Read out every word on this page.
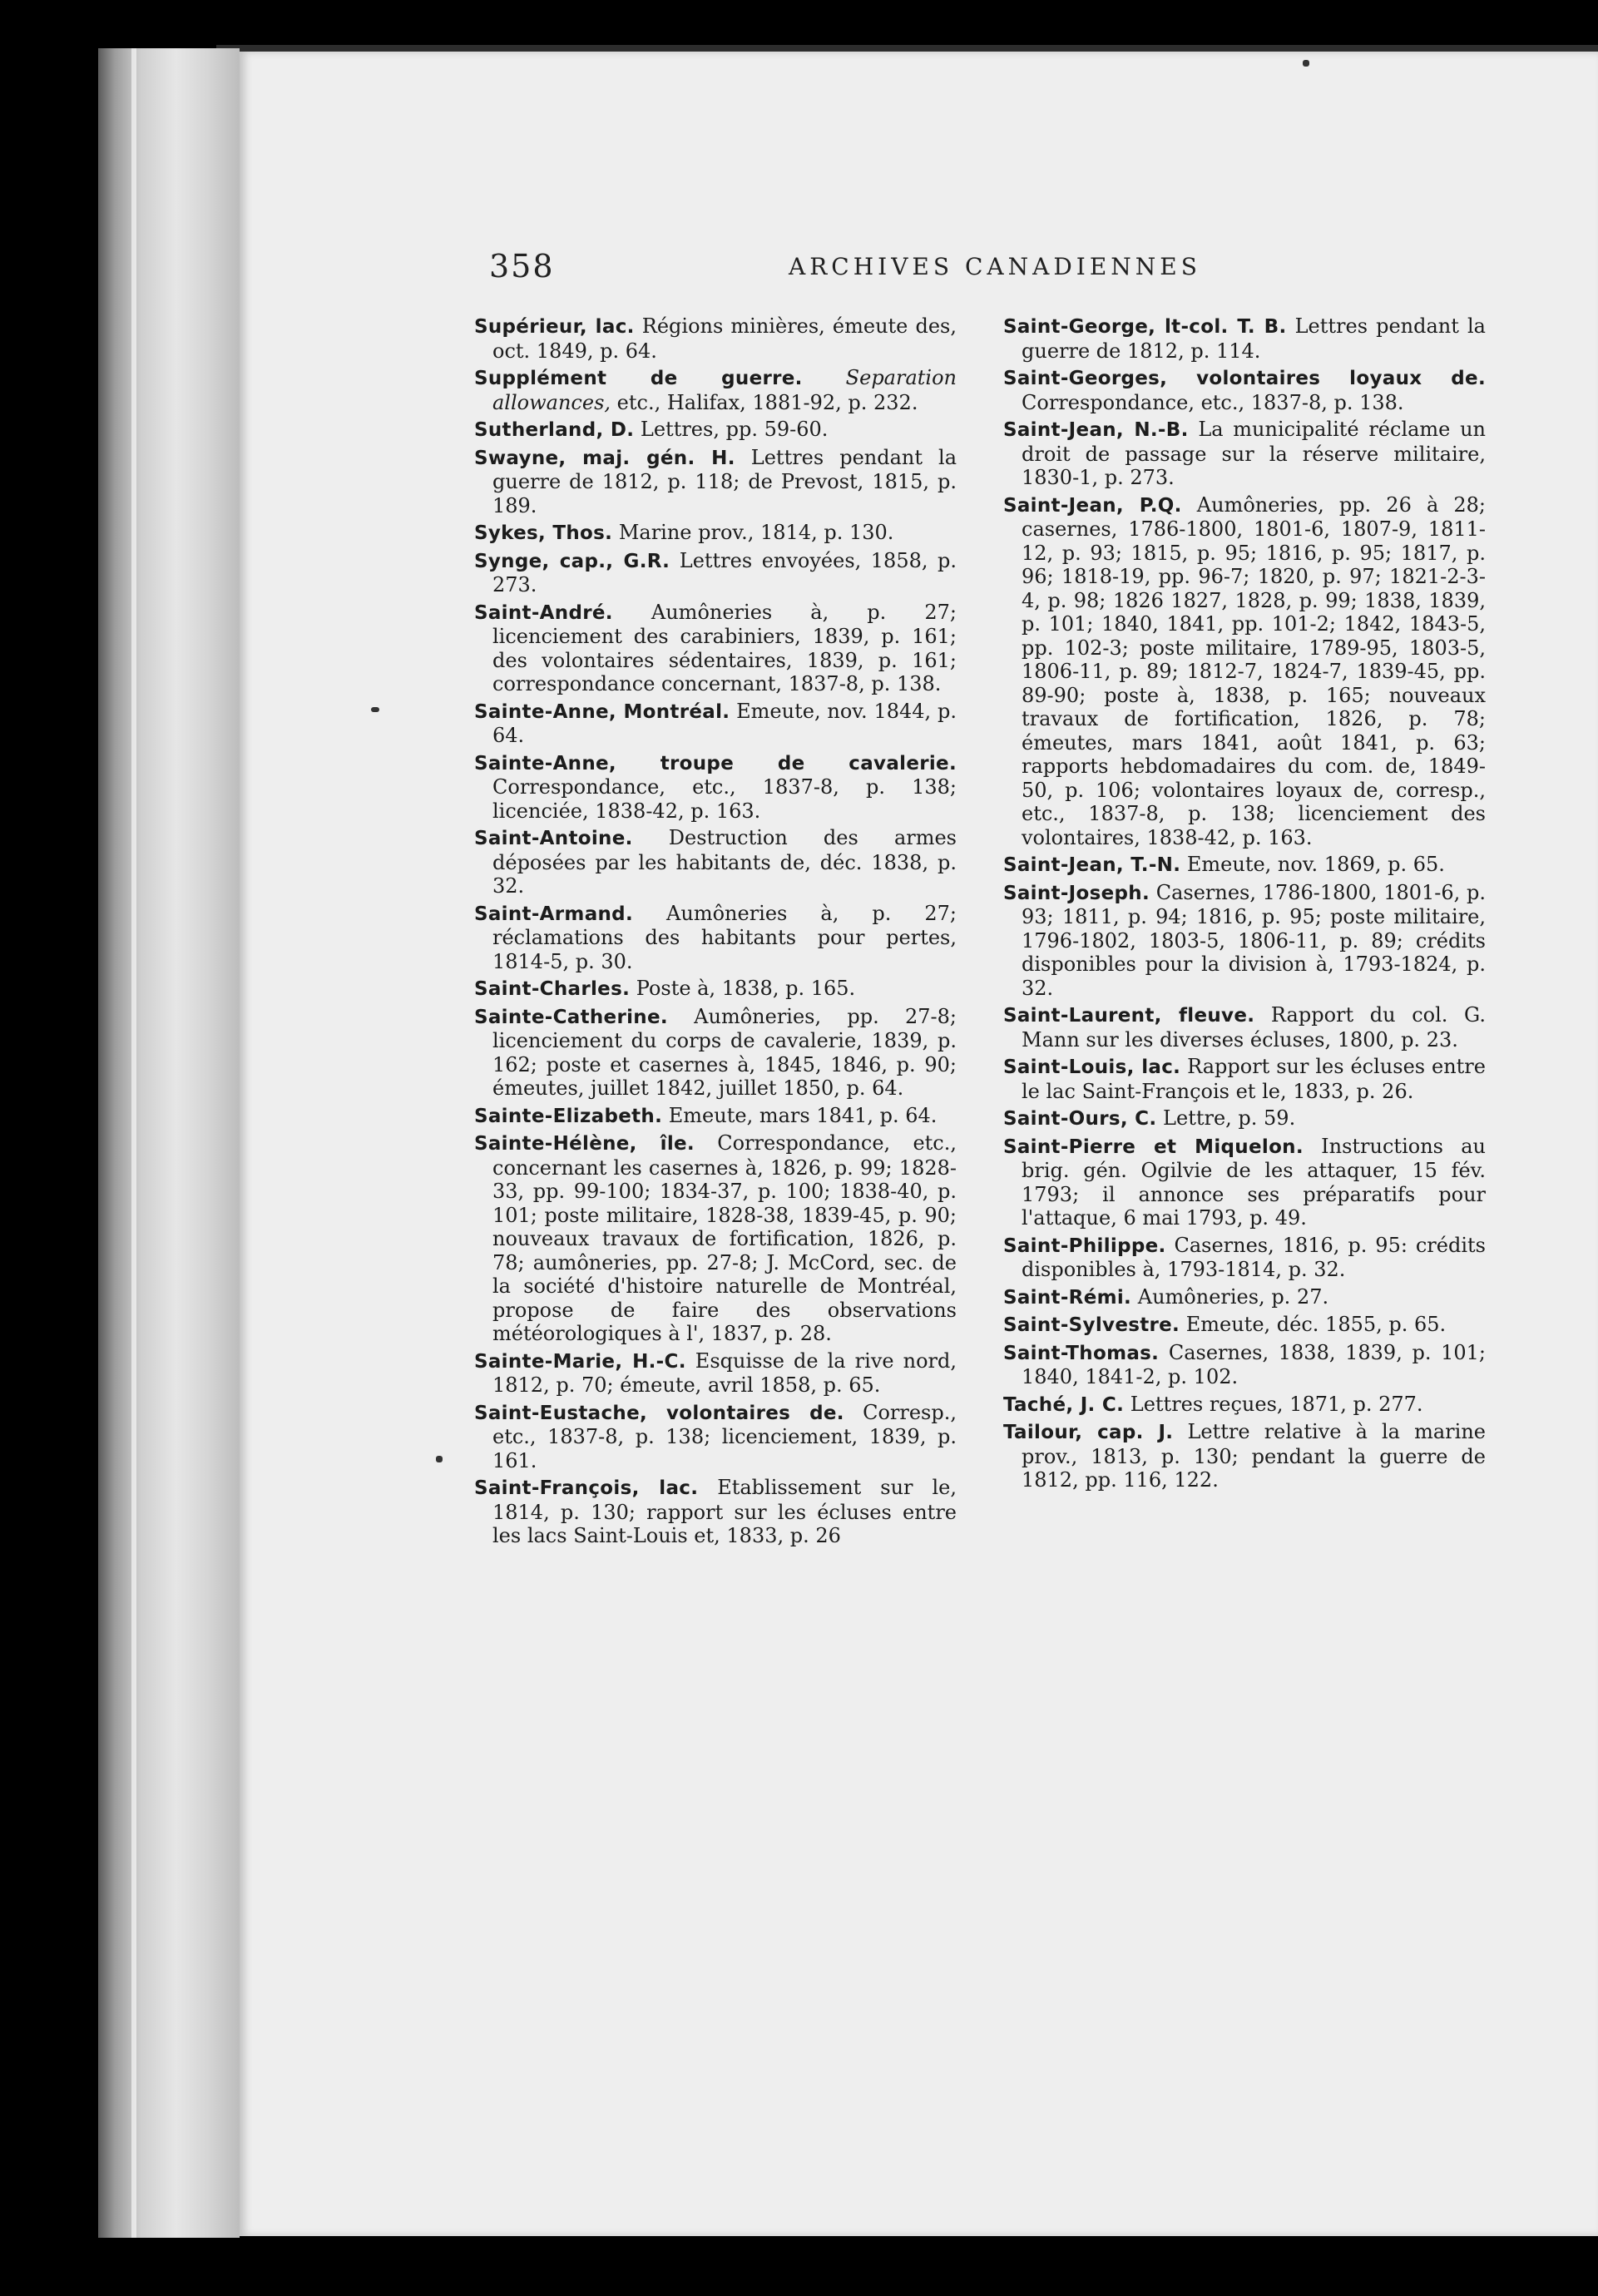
358	ARCHIVES CANADIENNES

Supérieur, lac. Régions minières, émeute des, oct. 1849, p. 64.

Supplément de guerre. Separation allowances, etc., Halifax, 1881-92, p. 232.

Sutherland, D. Lettres, pp. 59-60.

Swayne, maj. gén. H. Lettres pendant la guerre de 1812, p. 118; de Prevost, 1815, p. 189.

Sykes, Thos. Marine prov., 1814, p. 130.

Synge, cap., G.R. Lettres envoyées, 1858, p. 273.

Saint-André. Aumôneries à, p. 27; licenciement des carabiniers, 1839, p. 161; des volontaires sédentaires, 1839, p. 161; correspondance concernant, 1837-8, p. 138.

Sainte-Anne, Montréal. Emeute, nov. 1844, p. 64.

Sainte-Anne, troupe de cavalerie. Correspondance, etc., 1837-8, p. 138; licenciée, 1838-42, p. 163.

Saint-Antoine. Destruction des armes déposées par les habitants de, déc. 1838, p. 32.

Saint-Armand. Aumôneries à, p. 27; réclamations des habitants pour pertes, 1814-5, p. 30.

Saint-Charles. Poste à, 1838, p. 165.

Sainte-Catherine. Aumôneries, pp. 27-8; licenciement du corps de cavalerie, 1839, p. 162; poste et casernes à, 1845, 1846, p. 90; émeutes, juillet 1842, juillet 1850, p. 64.

Sainte-Elizabeth. Emeute, mars 1841, p. 64.

Sainte-Hélène, île. Correspondance, etc., concernant les casernes à, 1826, p. 99; 1828-33, pp. 99-100; 1834-37, p. 100; 1838-40, p. 101; poste militaire, 1828-38, 1839-45, p. 90; nouveaux travaux de fortification, 1826, p. 78; aumôneries, pp. 27-8; J. McCord, sec. de la société d'histoire naturelle de Montréal, propose de faire des observations météorologiques à l', 1837, p. 28.

Sainte-Marie, H.-C. Esquisse de la rive nord, 1812, p. 70; émeute, avril 1858, p. 65.

Saint-Eustache, volontaires de. Corresp., etc., 1837-8, p. 138; licenciement, 1839, p. 161.

Saint-François, lac. Etablissement sur le, 1814, p. 130; rapport sur les écluses entre les lacs Saint-Louis et, 1833, p. 26

Saint-George, lt-col. T. B. Lettres pendant la guerre de 1812, p. 114.

Saint-Georges, volontaires loyaux de. Correspondance, etc., 1837-8, p. 138.

Saint-Jean, N.-B. La municipalité réclame un droit de passage sur la réserve militaire, 1830-1, p. 273.

Saint-Jean, P.Q. Aumôneries, pp. 26 à 28; casernes, 1786-1800, 1801-6, 1807-9, 1811-12, p. 93; 1815, p. 95; 1816, p. 95; 1817, p. 96; 1818-19, pp. 96-7; 1820, p. 97; 1821-2-3-4, p. 98; 1826 1827, 1828, p. 99; 1838, 1839, p. 101; 1840, 1841, pp. 101-2; 1842, 1843-5, pp. 102-3; poste militaire, 1789-95, 1803-5, 1806-11, p. 89; 1812-7, 1824-7, 1839-45, pp. 89-90; poste à, 1838, p. 165; nouveaux travaux de fortification, 1826, p. 78; émeutes, mars 1841, août 1841, p. 63; rapports hebdomadaires du com. de, 1849-50, p. 106; volontaires loyaux de, corresp., etc., 1837-8, p. 138; licenciement des volontaires, 1838-42, p. 163.

Saint-Jean, T.-N. Emeute, nov. 1869, p. 65.

Saint-Joseph. Casernes, 1786-1800, 1801-6, p. 93; 1811, p. 94; 1816, p. 95; poste militaire, 1796-1802, 1803-5, 1806-11, p. 89; crédits disponibles pour la division à, 1793-1824, p. 32.

Saint-Laurent, fleuve. Rapport du col. G. Mann sur les diverses écluses, 1800, p. 23.

Saint-Louis, lac. Rapport sur les écluses entre le lac Saint-François et le, 1833, p. 26.

Saint-Ours, C. Lettre, p. 59.

Saint-Pierre et Miquelon. Instructions au brig. gén. Ogilvie de les attaquer, 15 fév. 1793; il annonce ses préparatifs pour l'attaque, 6 mai 1793, p. 49.

Saint-Philippe. Casernes, 1816, p. 95: crédits disponibles à, 1793-1814, p. 32.

Saint-Rémi. Aumôneries, p. 27.

Saint-Sylvestre. Emeute, déc. 1855, p. 65.

Saint-Thomas. Casernes, 1838, 1839, p. 101; 1840, 1841-2, p. 102.

Taché, J. C. Lettres reçues, 1871, p. 277.

Tailour, cap. J. Lettre relative à la marine prov., 1813, p. 130; pendant la guerre de 1812, pp. 116, 122.
